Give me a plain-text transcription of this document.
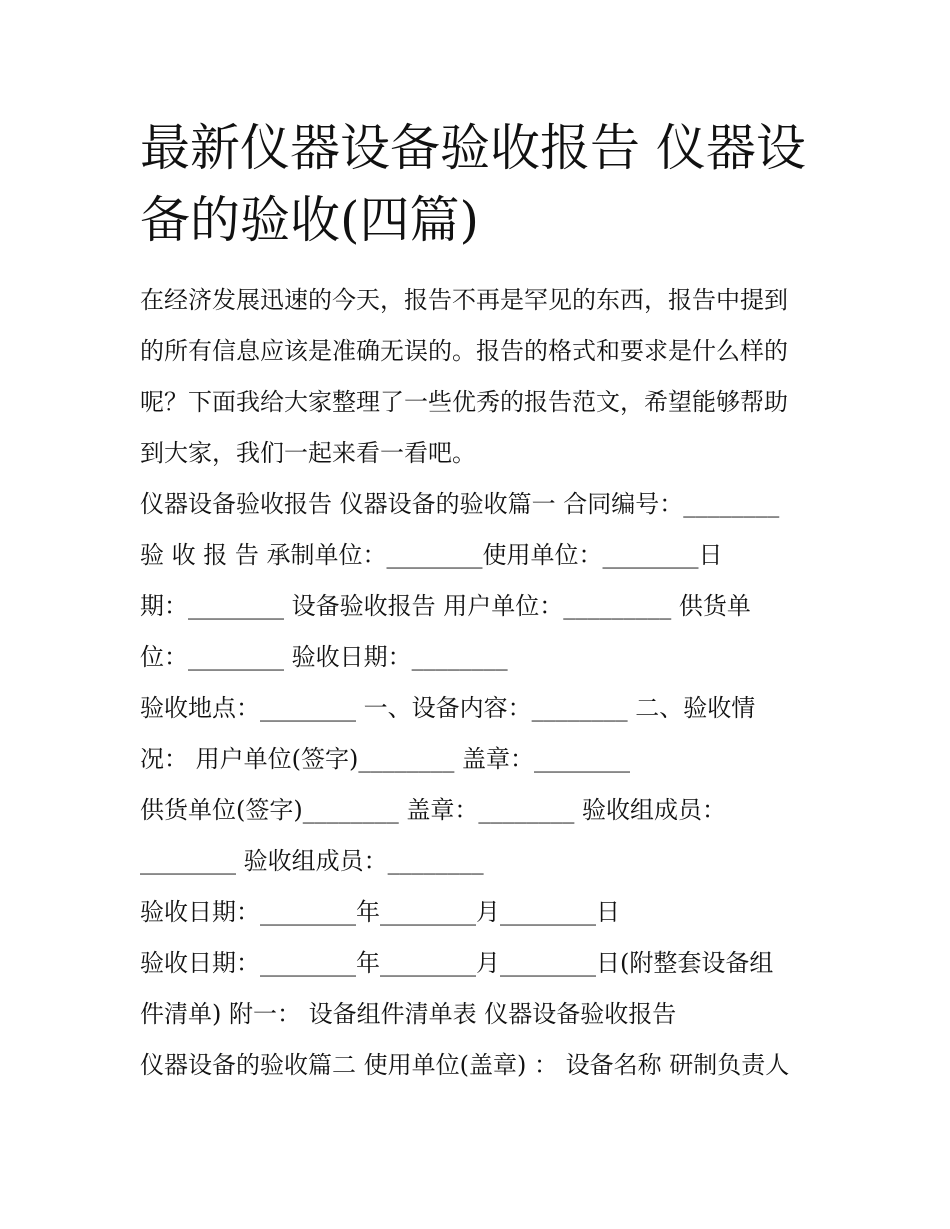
最新仪器设备验收报告 仪器设备的验收(四篇)

在经济发展迅速的今天，报告不再是罕见的东西，报告中提到

的所有信息应该是准确无误的。报告的格式和要求是什么样的

呢？下面我给大家整理了一些优秀的报告范文，希望能够帮助

到大家，我们一起来看一看吧。

仪器设备验收报告 仪器设备的验收篇一 合同编号：________

验 收 报 告 承制单位：________使用单位：________日

期：________ 设备验收报告 用户单位：_________ 供货单

位：________ 验收日期：________

验收地点：________ 一、设备内容：________ 二、验收情

况： 用户单位(签字)________ 盖章：________

供货单位(签字)________ 盖章：________ 验收组成员：

________ 验收组成员：________

验收日期：________年________月________日

验收日期：________年________月________日(附整套设备组

件清单) 附一： 设备组件清单表 仪器设备验收报告

仪器设备的验收篇二 使用单位(盖章) ： 设备名称 研制负责人
